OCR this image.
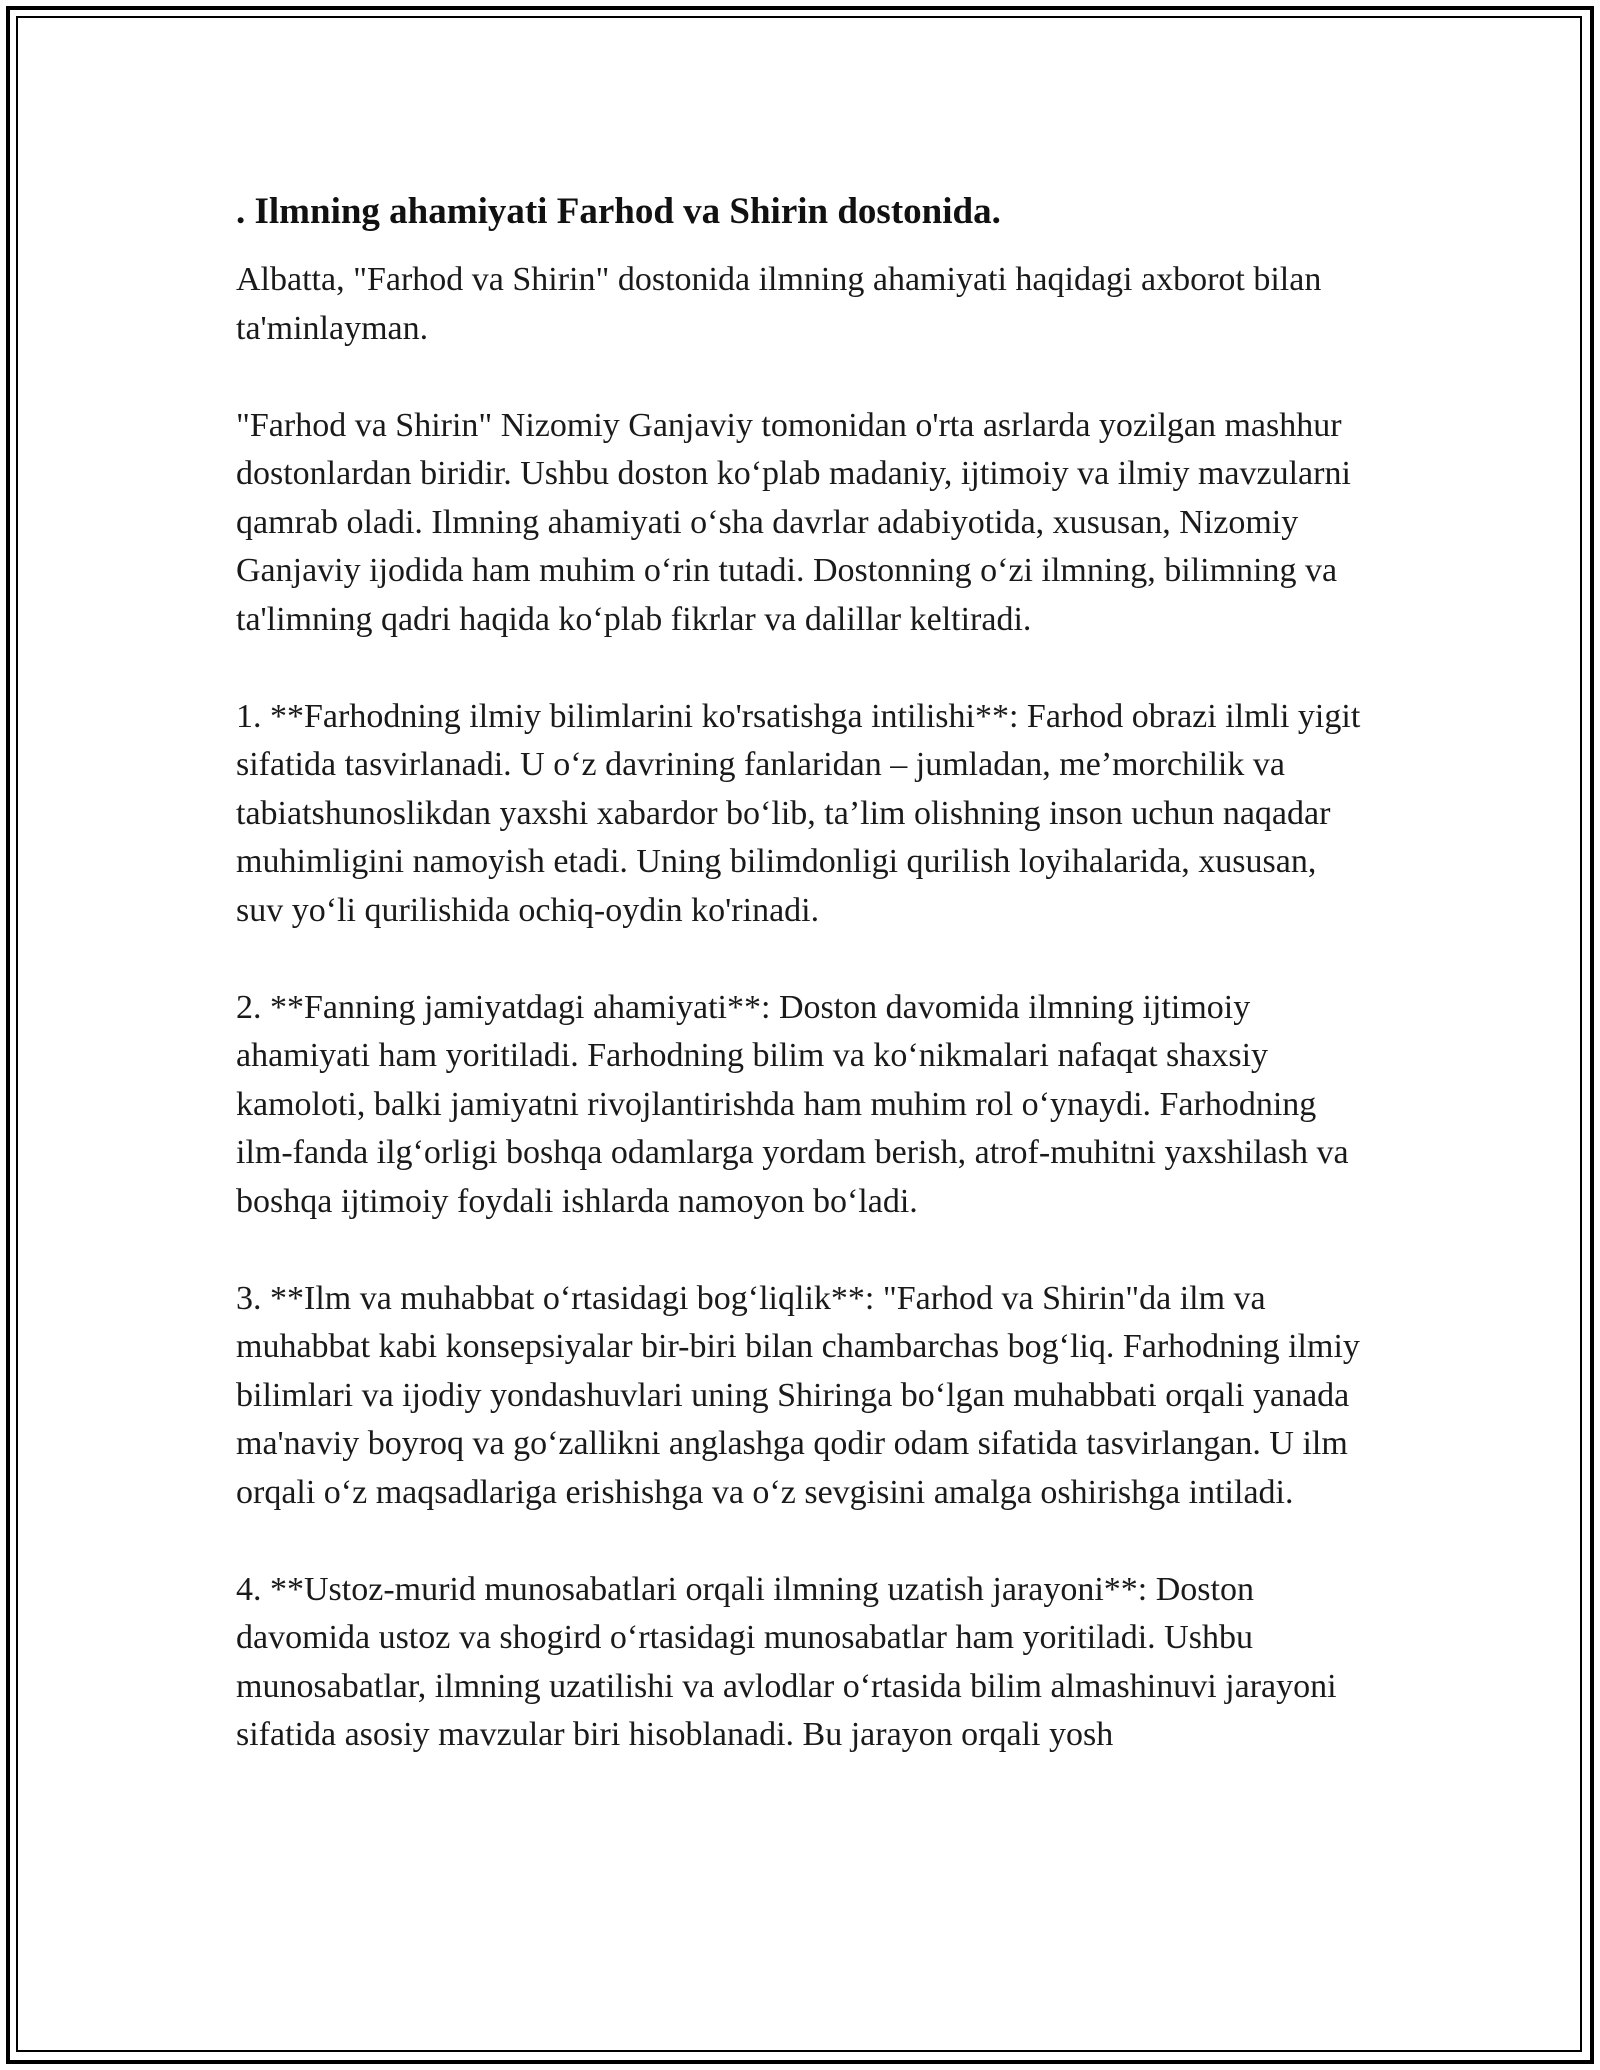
. Ilmning ahamiyati Farhod va Shirin dostonida.

Albatta, "Farhod va Shirin" dostonida ilmning ahamiyati haqidagi axborot bilan ta'minlayman.

"Farhod va Shirin" Nizomiy Ganjaviy tomonidan o'rta asrlarda yozilgan mashhur dostonlardan biridir. Ushbu doston ko‘plab madaniy, ijtimoiy va ilmiy mavzularni qamrab oladi. Ilmning ahamiyati o‘sha davrlar adabiyotida, xususan, Nizomiy Ganjaviy ijodida ham muhim o‘rin tutadi. Dostonning o‘zi ilmning, bilimning va ta'limning qadri haqida ko‘plab fikrlar va dalillar keltiradi.

1. **Farhodning ilmiy bilimlarini ko'rsatishga intilishi**: Farhod obrazi ilmli yigit sifatida tasvirlanadi. U o‘z davrining fanlaridan – jumladan, me’morchilik va tabiatshunoslikdan yaxshi xabardor bo‘lib, ta’lim olishning inson uchun naqadar muhimligini namoyish etadi. Uning bilimdonligi qurilish loyihalarida, xususan, suv yo‘li qurilishida ochiq-oydin ko'rinadi.

2. **Fanning jamiyatdagi ahamiyati**: Doston davomida ilmning ijtimoiy ahamiyati ham yoritiladi. Farhodning bilim va ko‘nikmalari nafaqat shaxsiy kamoloti, balki jamiyatni rivojlantirishda ham muhim rol o‘ynaydi. Farhodning ilm-fanda ilg‘orligi boshqa odamlarga yordam berish, atrof-muhitni yaxshilash va boshqa ijtimoiy foydali ishlarda namoyon bo‘ladi.

3. **Ilm va muhabbat o‘rtasidagi bog‘liqlik**: "Farhod va Shirin"da ilm va muhabbat kabi konsepsiyalar bir-biri bilan chambarchas bog‘liq. Farhodning ilmiy bilimlari va ijodiy yondashuvlari uning Shiringa bo‘lgan muhabbati orqali yanada ma'naviy boyroq va go‘zallikni anglashga qodir odam sifatida tasvirlangan. U ilm orqali o‘z maqsadlariga erishishga va o‘z sevgisini amalga oshirishga intiladi.

4. **Ustoz-murid munosabatlari orqali ilmning uzatish jarayoni**: Doston davomida ustoz va shogird o‘rtasidagi munosabatlar ham yoritiladi. Ushbu munosabatlar, ilmning uzatilishi va avlodlar o‘rtasida bilim almashinuvi jarayoni sifatida asosiy mavzular biri hisoblanadi. Bu jarayon orqali yosh
